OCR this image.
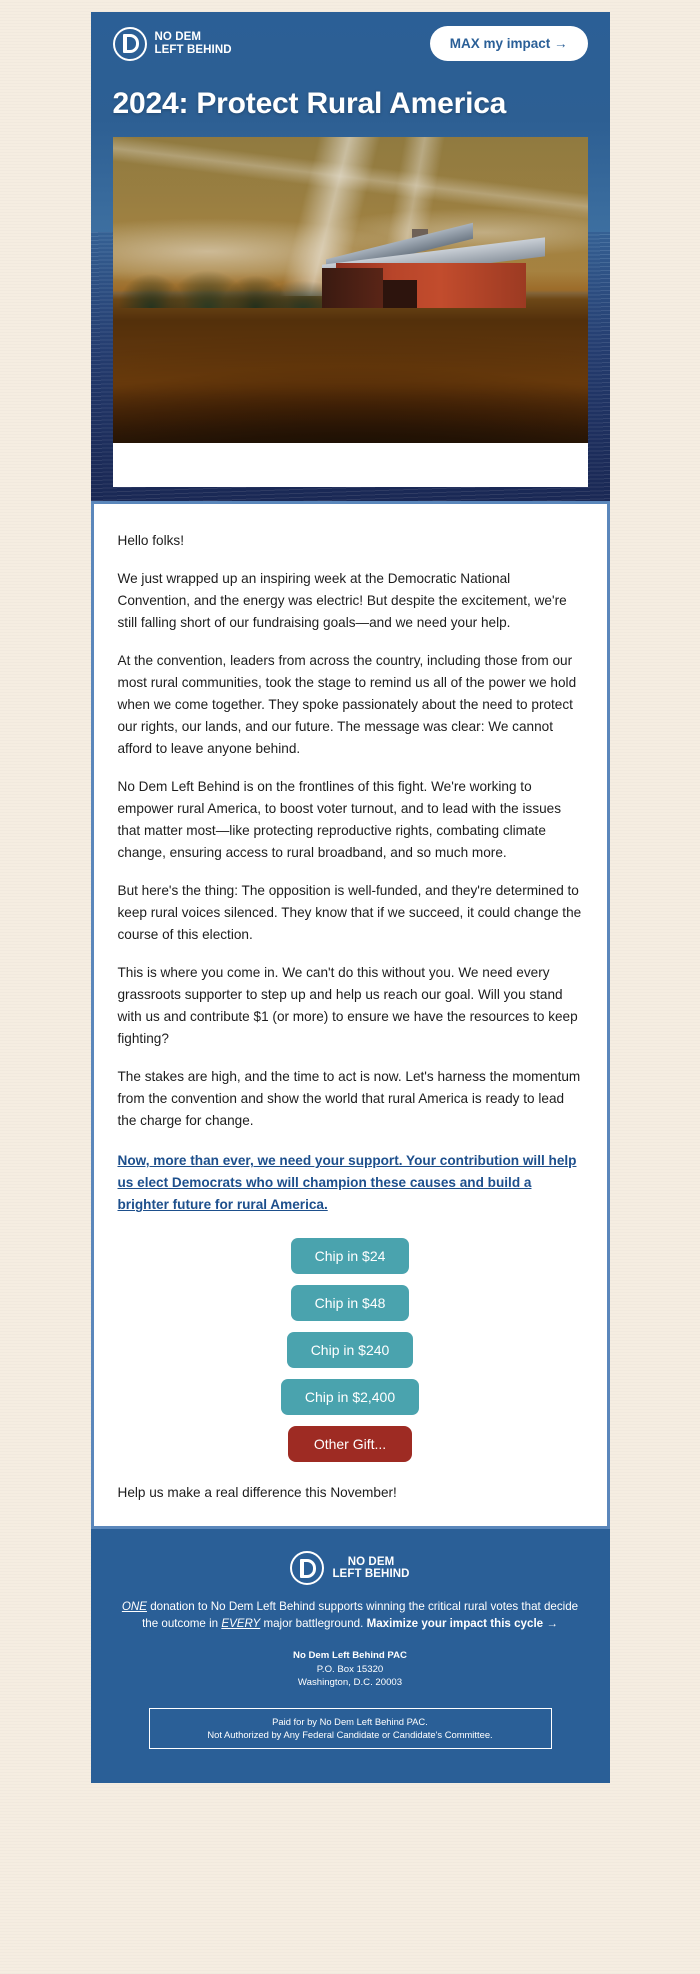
NO DEM
LEFT BEHIND	MAX my impact →
2024: Protect Rural America

Hello folks!

We just wrapped up an inspiring week at the Democratic National Convention, and the energy was electric! But despite the excitement, we're still falling short of our fundraising goals—and we need your help.

At the convention, leaders from across the country, including those from our most rural communities, took the stage to remind us all of the power we hold when we come together. They spoke passionately about the need to protect our rights, our lands, and our future. The message was clear: We cannot afford to leave anyone behind.

No Dem Left Behind is on the frontlines of this fight. We're working to empower rural America, to boost voter turnout, and to lead with the issues that matter most—like protecting reproductive rights, combating climate change, ensuring access to rural broadband, and so much more.

But here's the thing: The opposition is well-funded, and they're determined to keep rural voices silenced. They know that if we succeed, it could change the course of this election.

This is where you come in. We can't do this without you. We need every grassroots supporter to step up and help us reach our goal. Will you stand with us and contribute $1 (or more) to ensure we have the resources to keep fighting?

The stakes are high, and the time to act is now. Let's harness the momentum from the convention and show the world that rural America is ready to lead the charge for change.

Now, more than ever, we need your support. Your contribution will help us elect Democrats who will champion these causes and build a brighter future for rural America.
Chip in $24
Chip in $48
Chip in $240
Chip in $2,400
Other Gift...
Help us make a real difference this November!
NO DEM
LEFT BEHIND
ONE donation to No Dem Left Behind supports winning the critical rural votes that decide the outcome in EVERY major battleground. Maximize your impact this cycle →
No Dem Left Behind PAC
P.O. Box 15320
Washington, D.C. 20003
Paid for by No Dem Left Behind PAC.
Not Authorized by Any Federal Candidate or Candidate's Committee.
